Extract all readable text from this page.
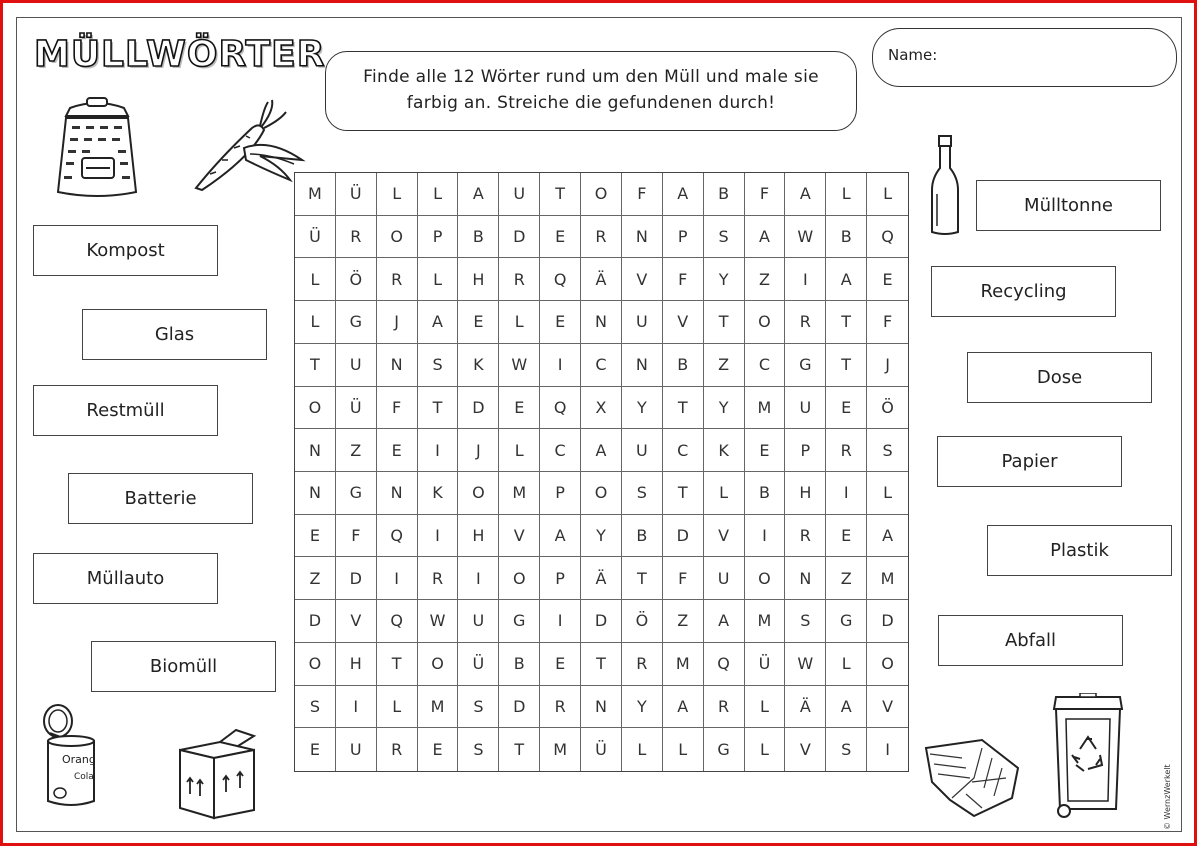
MÜLLWÖRTER
Finde alle 12 Wörter rund um den Müll und male sie farbig an. Streiche die gefundenen durch!
Name:
Kompost
Glas
Restmüll
Batterie
Müllauto
Biomüll
Mülltonne
Recycling
Dose
Papier
Plastik
Abfall
M	Ü	L	L	A	U	T	O	F	A	B	F	A	L	L
Ü	R	O	P	B	D	E	R	N	P	S	A	W	B	Q
L	Ö	R	L	H	R	Q	Ä	V	F	Y	Z	I	A	E
L	G	J	A	E	L	E	N	U	V	T	O	R	T	F
T	U	N	S	K	W	I	C	N	B	Z	C	G	T	J
O	Ü	F	T	D	E	Q	X	Y	T	Y	M	U	E	Ö
N	Z	E	I	J	L	C	A	U	C	K	E	P	R	S
N	G	N	K	O	M	P	O	S	T	L	B	H	I	L
E	F	Q	I	H	V	A	Y	B	D	V	I	R	E	A
Z	D	I	R	I	O	P	Ä	T	F	U	O	N	Z	M
D	V	Q	W	U	G	I	D	Ö	Z	A	M	S	G	D
O	H	T	O	Ü	B	E	T	R	M	Q	Ü	W	L	O
S	I	L	M	S	D	R	N	Y	A	R	L	Ä	A	V
E	U	R	E	S	T	M	Ü	L	L	G	L	V	S	I
Orang
Cola	© WernzWerkelt
